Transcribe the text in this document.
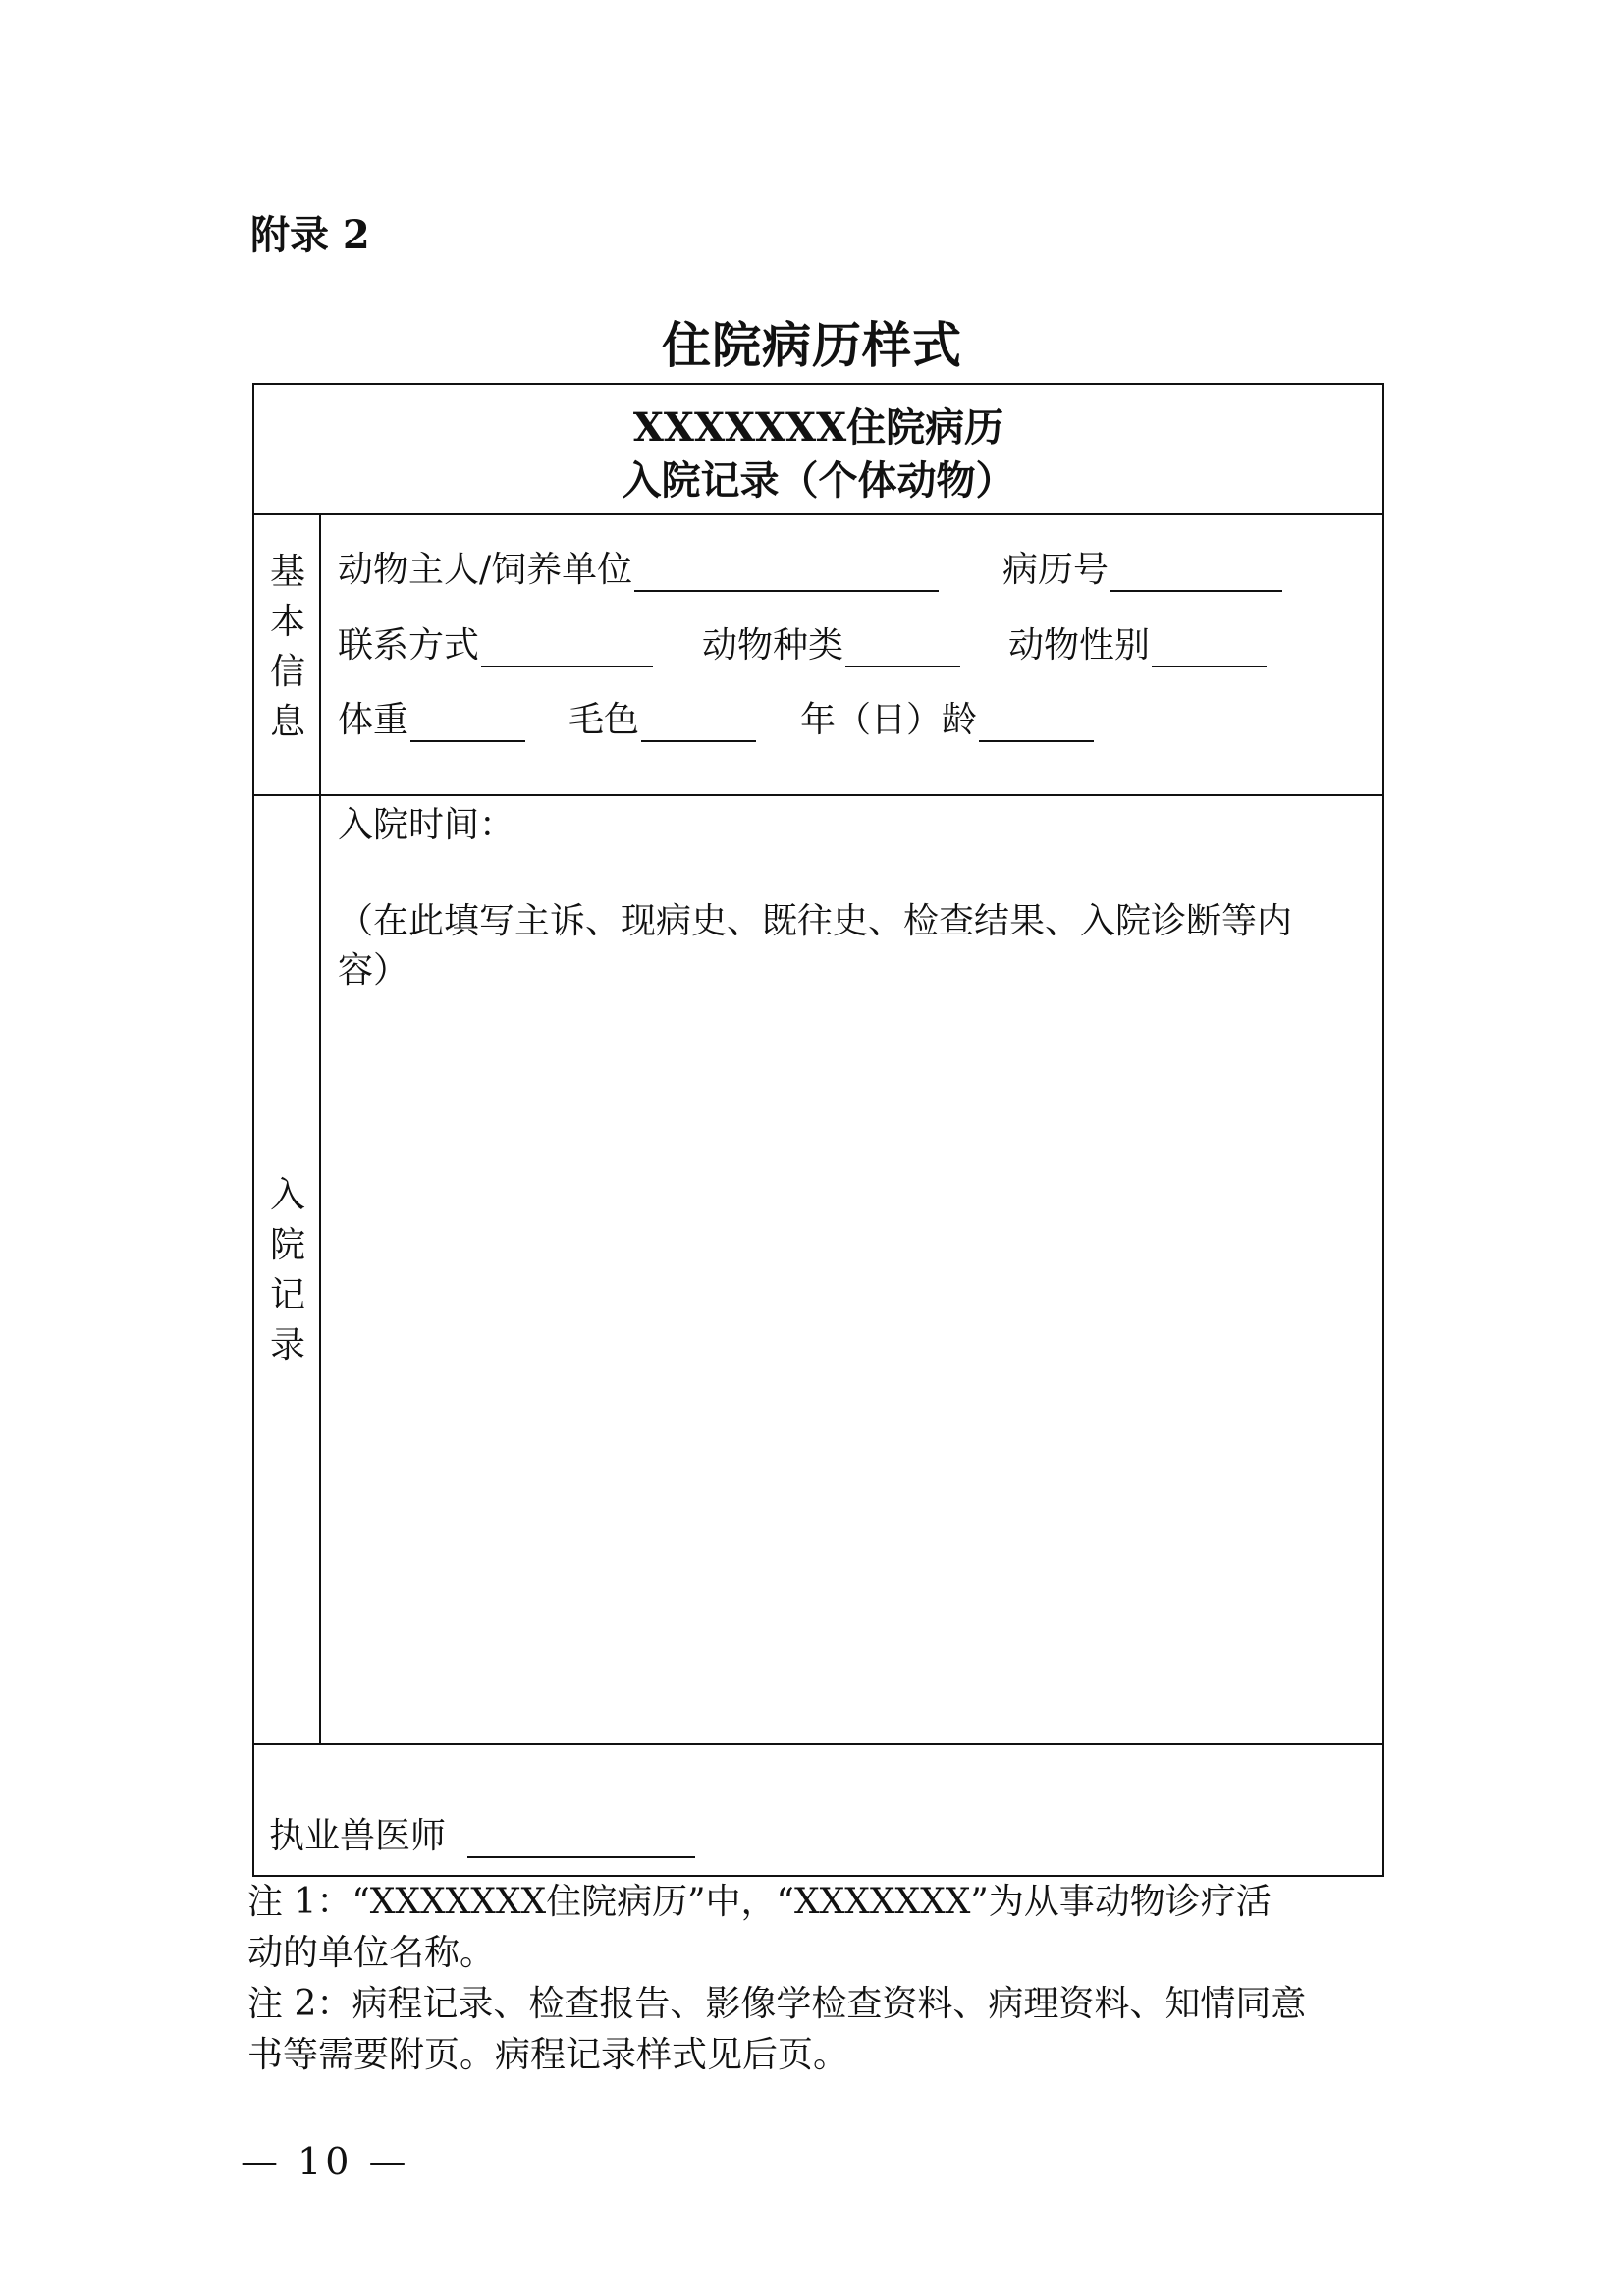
附录 2
住院病历样式
XXXXXXX住院病历
入院记录（个体动物）
基
本
信
息
动物主人/饲养单位	病历号
联系方式	动物种类	动物性别
体重	毛色	年（日）龄
入
院
记
录
入院时间：
（在此填写主诉、现病史、既往史、检查结果、入院诊断等内
容）
执业兽医师
注 1：“XXXXXXX住院病历”中，“XXXXXXX”为从事动物诊疗活
动的单位名称。
注 2：病程记录、检查报告、影像学检查资料、病理资料、知情同意
书等需要附页。病程记录样式见后页。
— 10 —
